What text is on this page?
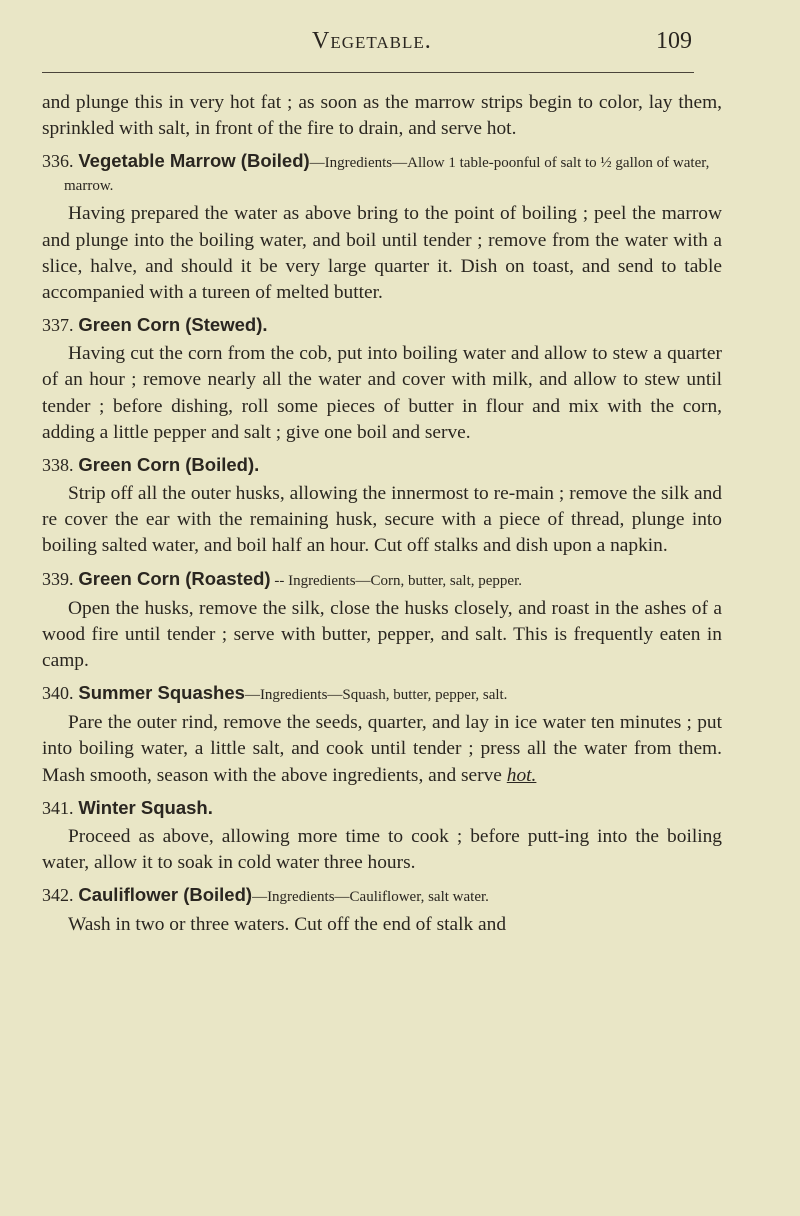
Vegetable.	109

and plunge this in very hot fat ; as soon as the marrow strips begin to color, lay them, sprinkled with salt, in front of the fire to drain, and serve hot.

336. Vegetable Marrow (Boiled)—Ingredients—Allow 1 table-poonful of salt to ½ gallon of water, marrow.

Having prepared the water as above bring to the point of boiling ; peel the marrow and plunge into the boiling water, and boil until tender ; remove from the water with a slice, halve, and should it be very large quarter it. Dish on toast, and send to table accompanied with a tureen of melted butter.

337. Green Corn (Stewed).

Having cut the corn from the cob, put into boiling water and allow to stew a quarter of an hour ; remove nearly all the water and cover with milk, and allow to stew until tender ; before dishing, roll some pieces of butter in flour and mix with the corn, adding a little pepper and salt ; give one boil and serve.

338. Green Corn (Boiled).

Strip off all the outer husks, allowing the innermost to re-main ; remove the silk and re cover the ear with the remaining husk, secure with a piece of thread, plunge into boiling salted water, and boil half an hour. Cut off stalks and dish upon a napkin.

339. Green Corn (Roasted) -- Ingredients—Corn, butter, salt, pepper.

Open the husks, remove the silk, close the husks closely, and roast in the ashes of a wood fire until tender ; serve with butter, pepper, and salt. This is frequently eaten in camp.

340. Summer Squashes—Ingredients—Squash, butter, pepper, salt.

Pare the outer rind, remove the seeds, quarter, and lay in ice water ten minutes ; put into boiling water, a little salt, and cook until tender ; press all the water from them. Mash smooth, season with the above ingredients, and serve hot.

341. Winter Squash.

Proceed as above, allowing more time to cook ; before putt-ing into the boiling water, allow it to soak in cold water three hours.

342. Cauliflower (Boiled)—Ingredients—Cauliflower, salt water.

Wash in two or three waters. Cut off the end of stalk and
